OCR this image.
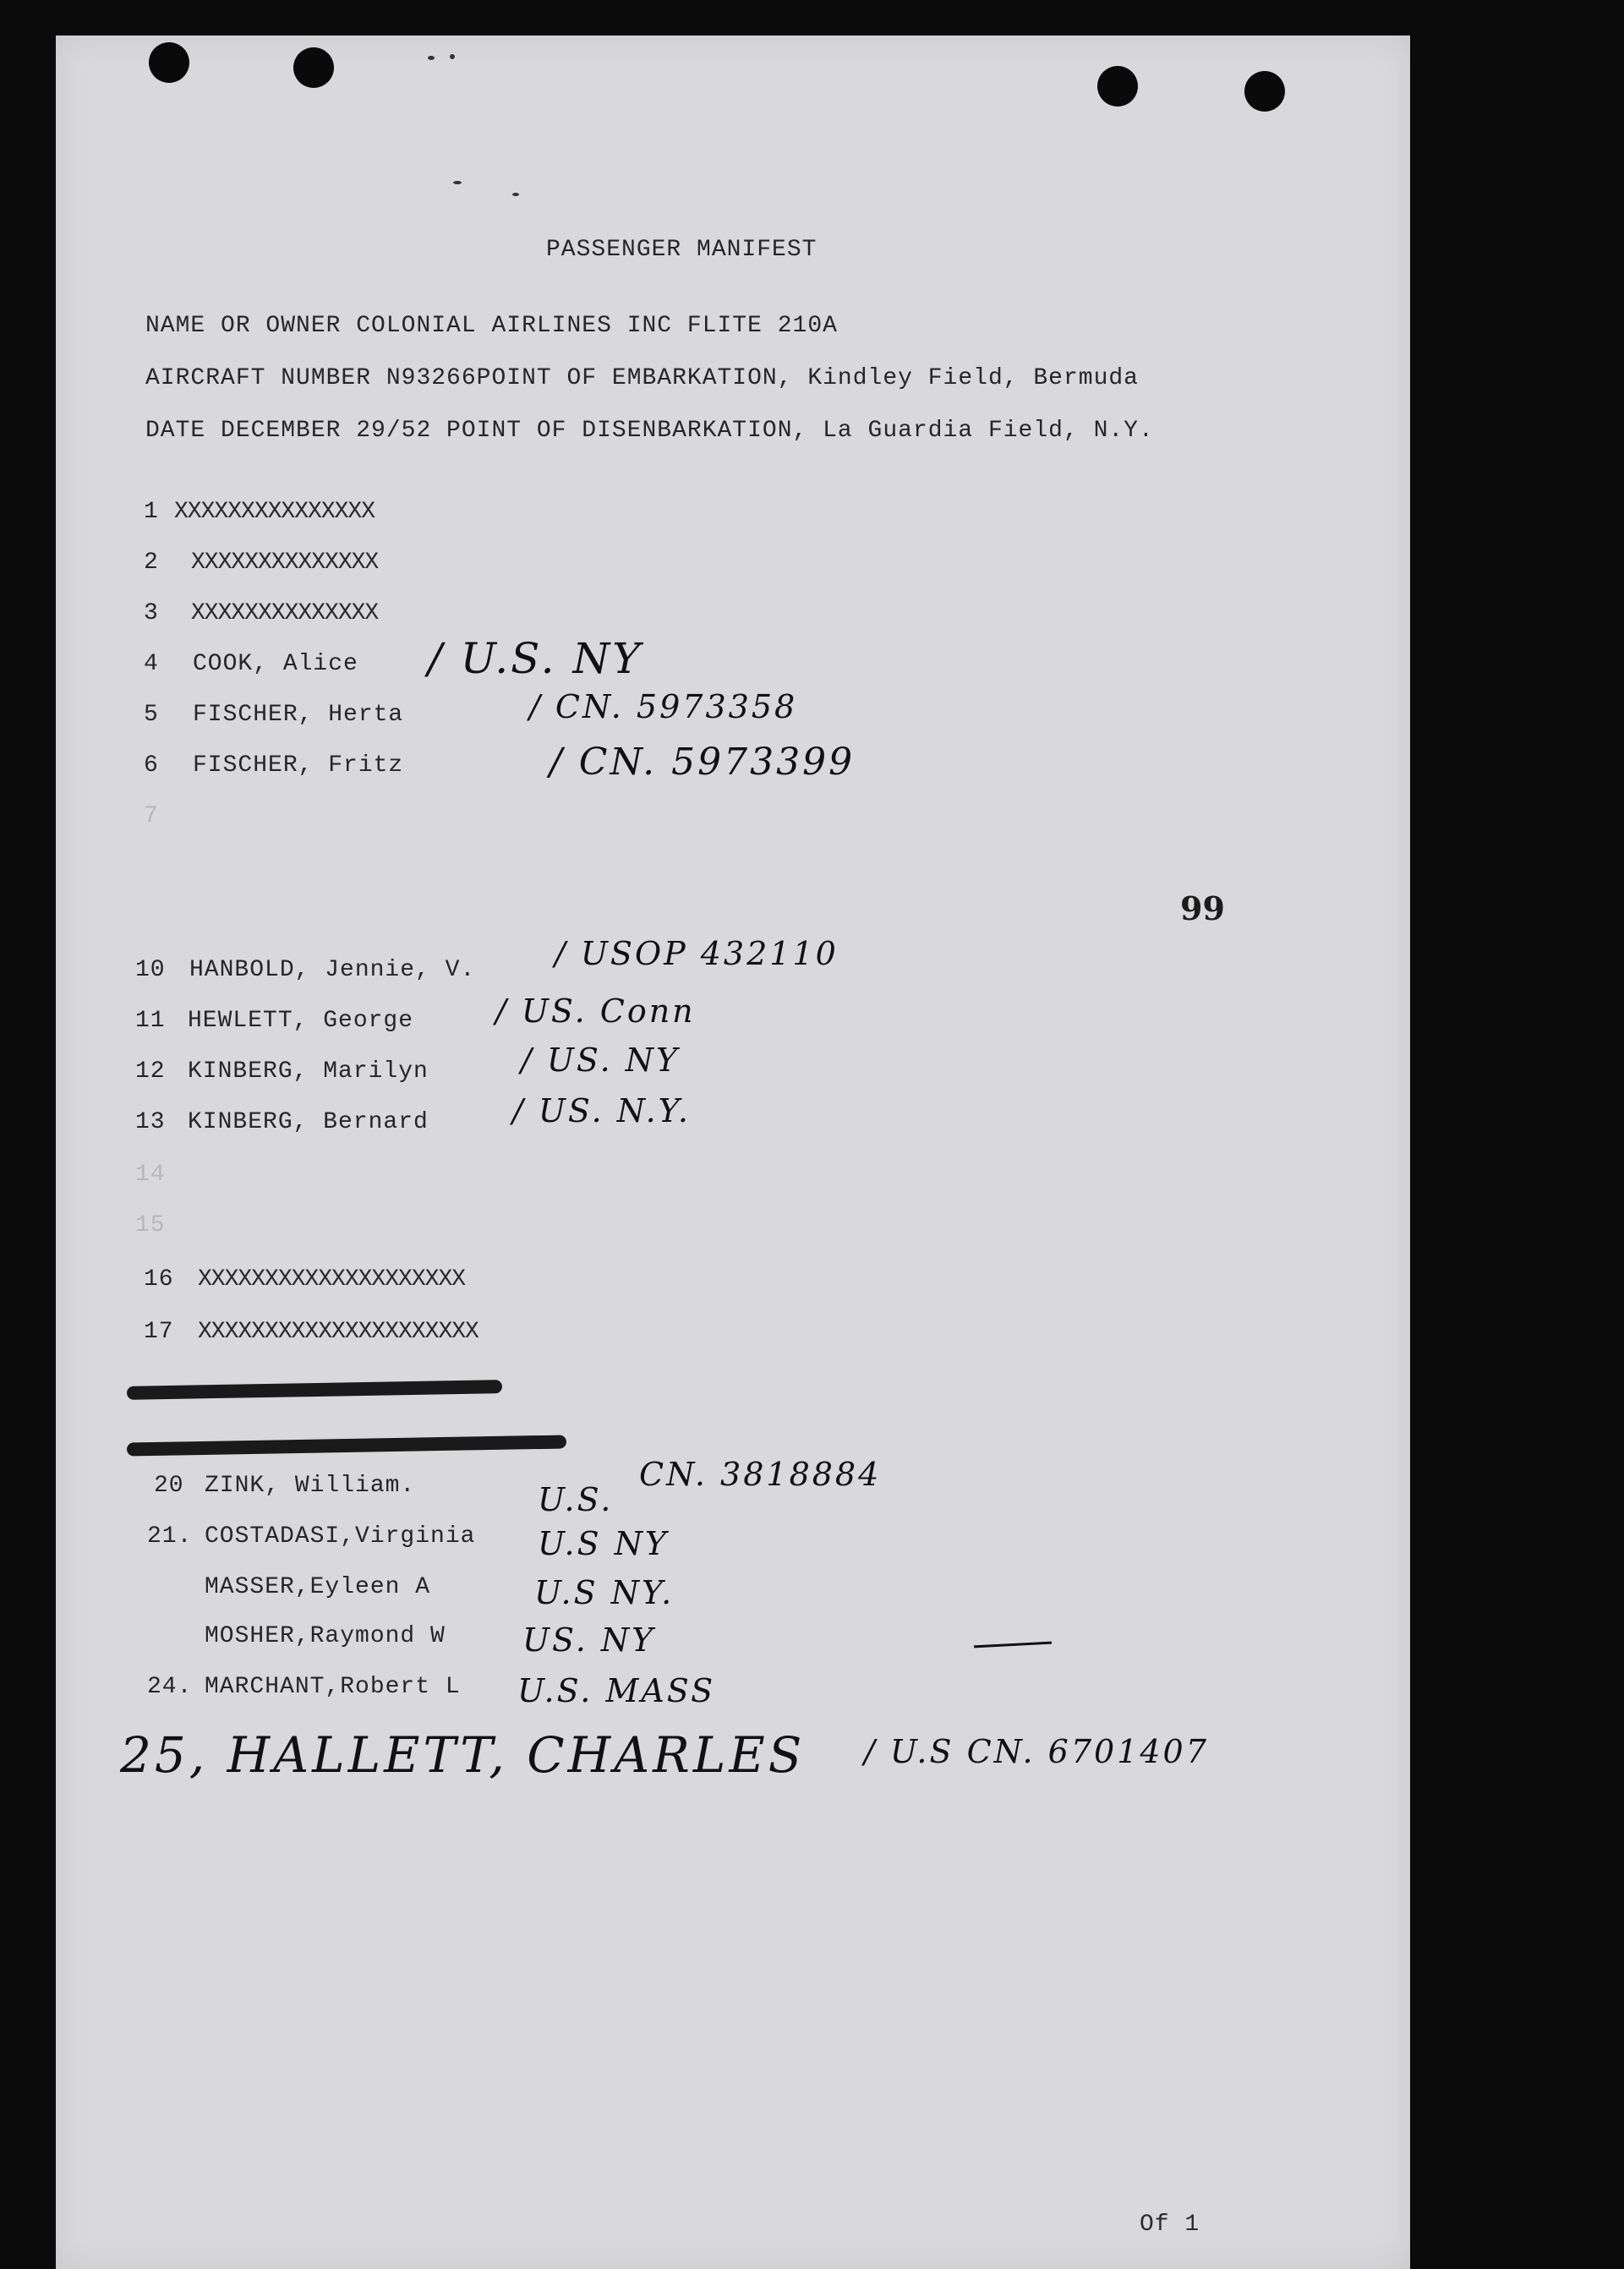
PASSENGER MANIFEST
NAME OR OWNER COLONIAL AIRLINES INC FLITE 210A
AIRCRAFT NUMBER N93266POINT OF EMBARKATION, Kindley Field, Bermuda
DATE DECEMBER 29/52 POINT OF DISENBARKATION, La Guardia Field, N.Y.
1 XXXXXXXXXXXXXXX
2 XXXXXXXXXXXXXX
3 XXXXXXXXXXXXXX
4 COOK, Alice
5 FISCHER, Herta
6 FISCHER, Fritz
7
99
10 HANBOLD, Jennie, V.
11 HEWLETT, George
12 KINBERG, Marilyn
13 KINBERG, Bernard
14
15
16 XXXXXXXXXXXXXXXXXXXX
17 XXXXXXXXXXXXXXXXXXXXX
20 ZINK, William.
21. COSTADASI,Virginia
MASSER,Eyleen A
MOSHER,Raymond W
24. MARCHANT,Robert L
/ U.S. NY
/ CN. 5973358
/ CN. 5973399
/ USOP 432110
/ US. Conn
/ US. NY
/ US. N.Y.
U.S.
CN. 3818884
U.S NY
U.S NY.
US. NY
U.S. MASS
25, HALLETT, CHARLES / U.S CN. 6701407
Of 1
